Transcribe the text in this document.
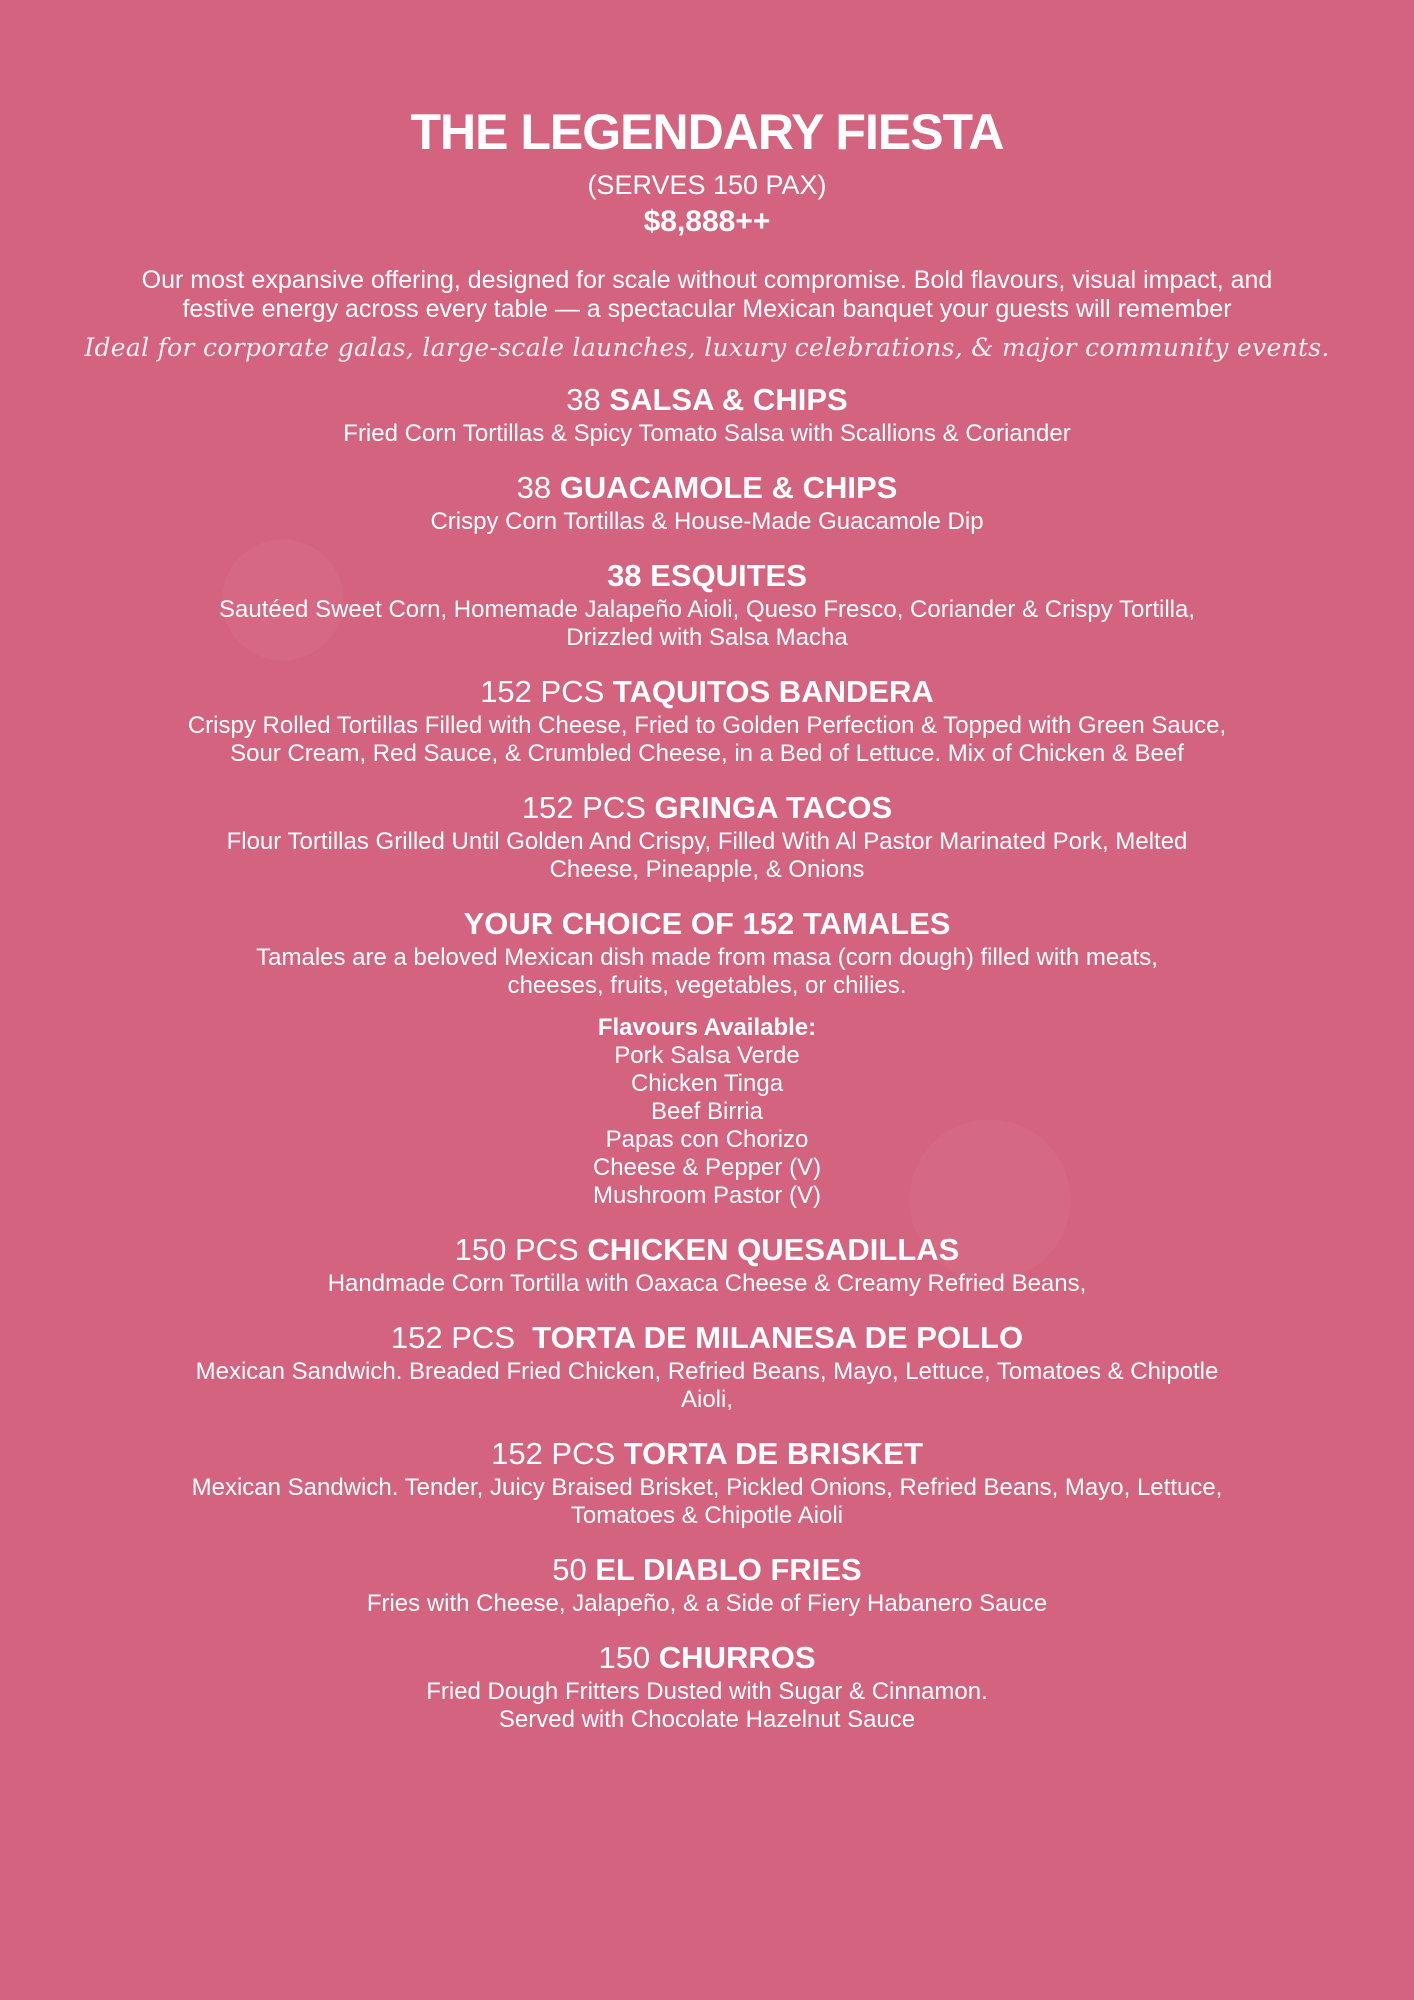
THE LEGENDARY FIESTA
(SERVES 150 PAX)
$8,888++
Our most expansive offering, designed for scale without compromise. Bold flavours, visual impact, and
festive energy across every table — a spectacular Mexican banquet your guests will remember
Ideal for corporate galas, large-scale launches, luxury celebrations, & major community events.
38 SALSA & CHIPS
Fried Corn Tortillas & Spicy Tomato Salsa with Scallions & Coriander
38 GUACAMOLE & CHIPS
Crispy Corn Tortillas & House-Made Guacamole Dip
38 ESQUITES
Sautéed Sweet Corn, Homemade Jalapeño Aioli, Queso Fresco, Coriander & Crispy Tortilla,
Drizzled with Salsa Macha
152 PCS TAQUITOS BANDERA
Crispy Rolled Tortillas Filled with Cheese, Fried to Golden Perfection & Topped with Green Sauce,
Sour Cream, Red Sauce, & Crumbled Cheese, in a Bed of Lettuce. Mix of Chicken & Beef
152 PCS GRINGA TACOS
Flour Tortillas Grilled Until Golden And Crispy, Filled With Al Pastor Marinated Pork, Melted
Cheese, Pineapple, & Onions
YOUR CHOICE OF 152 TAMALES
Tamales are a beloved Mexican dish made from masa (corn dough) filled with meats,
cheeses, fruits, vegetables, or chilies.
Flavours Available:
Pork Salsa Verde
Chicken Tinga
Beef Birria
Papas con Chorizo
Cheese & Pepper (V)
Mushroom Pastor (V)
150 PCS CHICKEN QUESADILLAS
Handmade Corn Tortilla with Oaxaca Cheese & Creamy Refried Beans,
152 PCS  TORTA DE MILANESA DE POLLO
Mexican Sandwich. Breaded Fried Chicken, Refried Beans, Mayo, Lettuce, Tomatoes & Chipotle
Aioli,
152 PCS TORTA DE BRISKET
Mexican Sandwich. Tender, Juicy Braised Brisket, Pickled Onions, Refried Beans, Mayo, Lettuce,
Tomatoes & Chipotle Aioli
50 EL DIABLO FRIES
Fries with Cheese, Jalapeño, & a Side of Fiery Habanero Sauce
150 CHURROS
Fried Dough Fritters Dusted with Sugar & Cinnamon.
Served with Chocolate Hazelnut Sauce
